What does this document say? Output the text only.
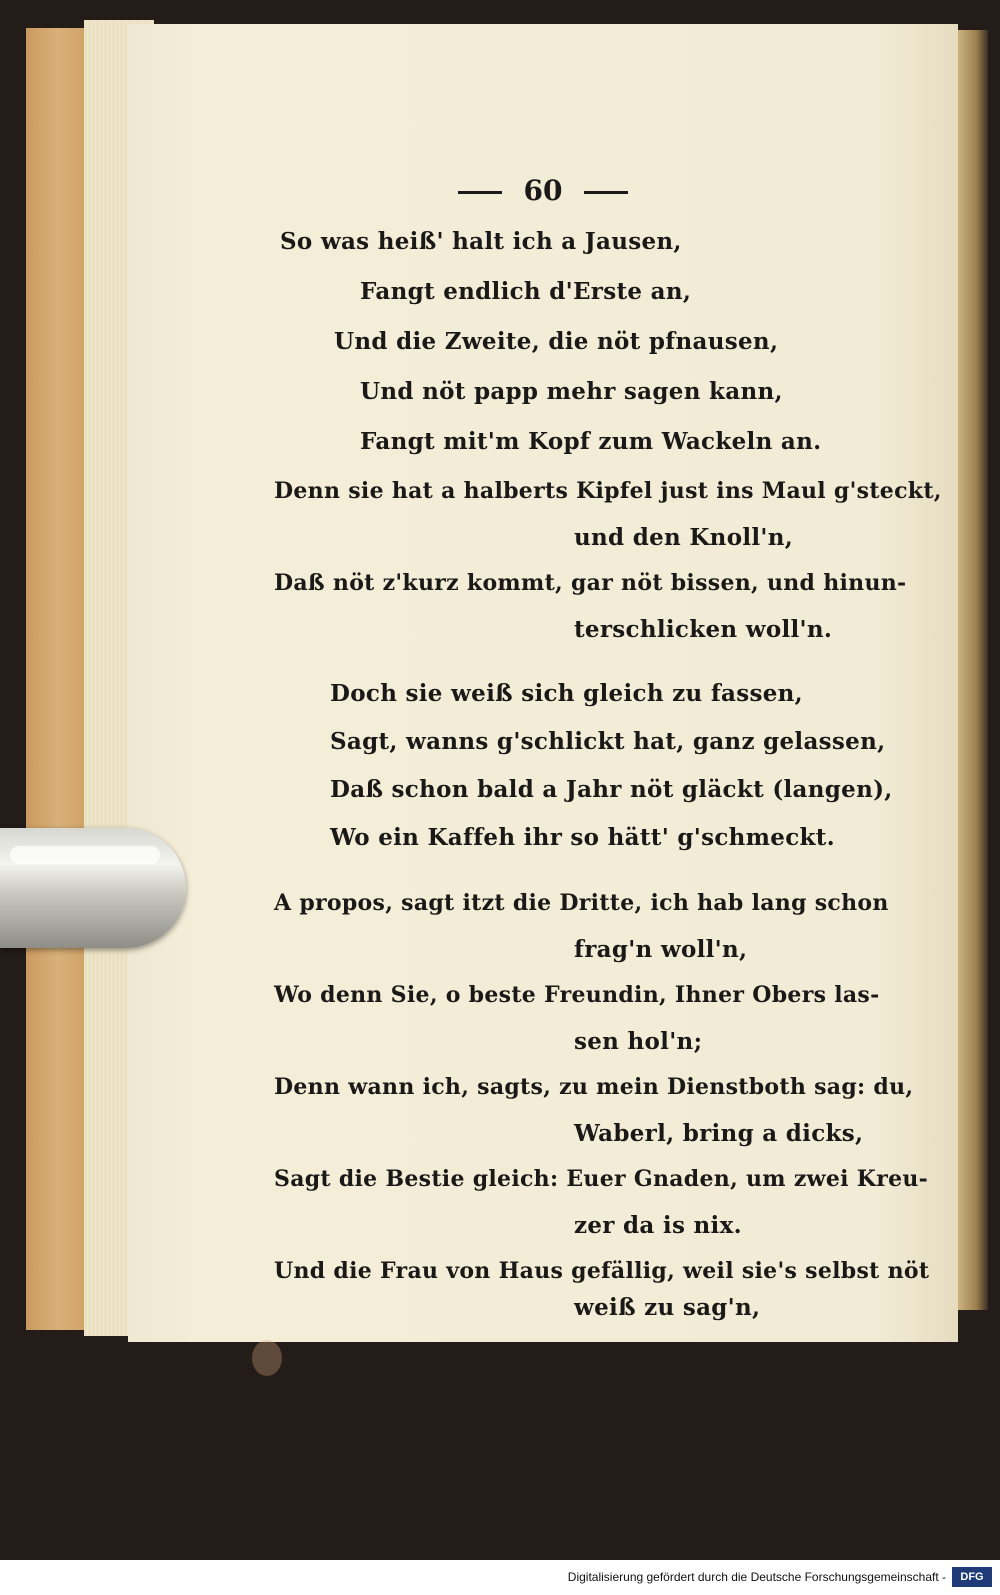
60
So was heiß' halt ich a Jausen,
Fangt endlich d'Erste an,
Und die Zweite, die nöt pfnausen,
Und nöt papp mehr sagen kann,
Fangt mit'm Kopf zum Wackeln an.
Denn sie hat a halberts Kipfel just ins Maul g'steckt,
und den Knoll'n,
Daß nöt z'kurz kommt, gar nöt bissen, und hinun-
terschlicken woll'n.
Doch sie weiß sich gleich zu fassen,
Sagt, wanns g'schlickt hat, ganz gelassen,
Daß schon bald a Jahr nöt gläckt (langen),
Wo ein Kaffeh ihr so hätt' g'schmeckt.
A propos, sagt itzt die Dritte, ich hab lang schon
frag'n woll'n,
Wo denn Sie, o beste Freundin, Ihner Obers las-
sen hol'n;
Denn wann ich, sagts, zu mein Dienstboth sag: du,
Waberl, bring a dicks,
Sagt die Bestie gleich: Euer Gnaden, um zwei Kreu-
zer da is nix.
Und die Frau von Haus gefällig, weil sie's selbst nöt
weiß zu sag'n,
Digitalisierung gefördert durch die Deutsche Forschungsgemeinschaft -	DFG
